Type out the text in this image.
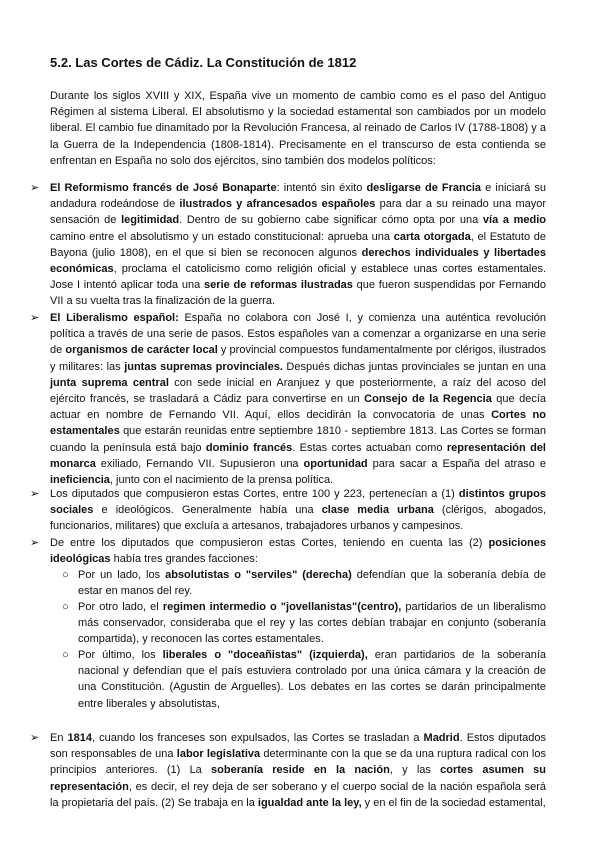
5.2. Las Cortes de Cádiz. La Constitución de 1812

Durante los siglos XVIII y XIX, España vive un momento de cambio como es el paso del Antiguo Régimen al sistema Liberal. El absolutismo y la sociedad estamental son cambiados por un modelo liberal. El cambio fue dinamitado por la Revolución Francesa, al reinado de Carlos IV (1788-1808) y a la Guerra de la Independencia (1808-1814). Precisamente en el transcurso de esta contienda se enfrentan en España no solo dos ejércitos, sino también dos modelos políticos:

➢ El Reformismo francés de José Bonaparte: intentó sin éxito desligarse de Francia e iniciará su andadura rodeándose de ilustrados y afrancesados españoles para dar a su reinado una mayor sensación de legitimidad. Dentro de su gobierno cabe significar cómo opta por una vía a medio camino entre el absolutismo y un estado constitucional: aprueba una carta otorgada, el Estatuto de Bayona (julio 1808), en el que si bien se reconocen algunos derechos individuales y libertades económicas, proclama el catolicismo como religión oficial y establece unas cortes estamentales. Jose I intentó aplicar toda una serie de reformas ilustradas que fueron suspendidas por Fernando VII a su vuelta tras la finalización de la guerra.

➢ El Liberalismo español: España no colabora con José I, y comienza una auténtica revolución política a través de una serie de pasos. Estos españoles van a comenzar a organizarse en una serie de organismos de carácter local y provincial compuestos fundamentalmente por clérigos, ilustrados y militares: las juntas supremas provinciales. Después dichas juntas provinciales se juntan en una junta suprema central con sede inicial en Aranjuez y que posteriormente, a raíz del acoso del ejército francés, se trasladará a Cádiz para convertirse en un Consejo de la Regencia que decía actuar en nombre de Fernando VII. Aquí, ellos decidirán la convocatoria de unas Cortes no estamentales que estarán reunidas entre septiembre 1810 - septiembre 1813. Las Cortes se forman cuando la península está bajo dominio francés. Estas cortes actuaban como representación del monarca exiliado, Fernando VII. Supusieron una oportunidad para sacar a España del atraso e ineficiencia, junto con el nacimiento de la prensa política.

➢ Los diputados que compusieron estas Cortes, entre 100 y 223, pertenecían a (1) distintos grupos sociales e ideológicos. Generalmente había una clase media urbana (clérigos, abogados, funcionarios, militares) que excluía a artesanos, trabajadores urbanos y campesinos.

➢ De entre los diputados que compusieron estas Cortes, teniendo en cuenta las (2) posiciones ideológicas había tres grandes facciones:

○ Por un lado, los absolutistas o "serviles" (derecha) defendían que la soberanía debía de estar en manos del rey.

○ Por otro lado, el regimen intermedio o "jovellanistas"(centro), partidarios de un liberalismo más conservador, consideraba que el rey y las cortes debían trabajar en conjunto (soberanía compartida), y reconocen las cortes estamentales.

○ Por último, los liberales o "doceañistas" (izquierda), eran partidarios de la soberanía nacional y defendían que el país estuviera controlado por una única cámara y la creación de una Constitución. (Agustin de Arguelles). Los debates en las cortes se darán principalmente entre liberales y absolutistas,

➢ En 1814, cuando los franceses son expulsados, las Cortes se trasladan a Madrid. Estos diputados son responsables de una labor legislativa determinante con la que se da una ruptura radical con los principios anteriores. (1) La soberanía reside en la nación, y las cortes asumen su representación, es decir, el rey deja de ser soberano y el cuerpo social de la nación española será la propietaria del país. (2) Se trabaja en la igualdad ante la ley, y en el fin de la sociedad estamental,
